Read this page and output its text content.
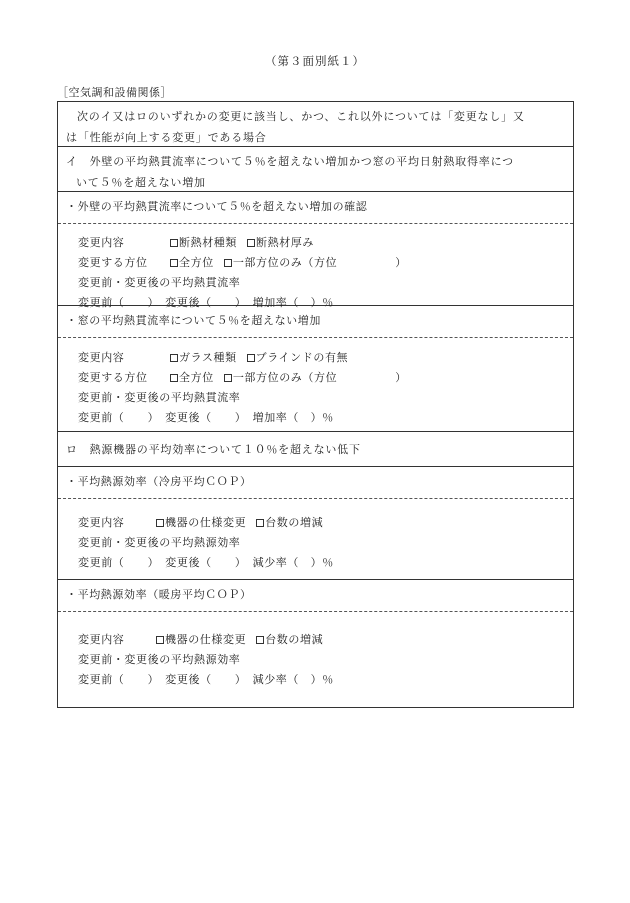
（第３面別紙１）
［空気調和設備関係］
次のイ又はロのいずれかの変更に該当し、かつ、これ以外については「変更なし」又
は「性能が向上する変更」である場合
イ　外壁の平均熱貫流率について５％を超えない増加かつ窓の平均日射熱取得率につ
いて５％を超えない増加
・外壁の平均熱貫流率について５％を超えない増加の確認
変更内容	断熱材種類 断熱材厚み
変更する方位	全方位 一部方位のみ（方位　　　　　）
変更前・変更後の平均熱貫流率
変更前（　　）　変更後（　　）　増加率（　）％
・窓の平均熱貫流率について５％を超えない増加
変更内容	ガラス種類 ブラインドの有無
変更する方位	全方位 一部方位のみ（方位　　　　　）
変更前・変更後の平均熱貫流率
変更前（　　）　変更後（　　）　増加率（　）％
ロ　熱源機器の平均効率について１０％を超えない低下
・平均熱源効率（冷房平均ＣＯＰ）
変更内容	機器の仕様変更 台数の増減
変更前・変更後の平均熱源効率
変更前（　　）　変更後（　　）　減少率（　）％
・平均熱源効率（暖房平均ＣＯＰ）
変更内容	機器の仕様変更 台数の増減
変更前・変更後の平均熱源効率
変更前（　　）　変更後（　　）　減少率（　）％
